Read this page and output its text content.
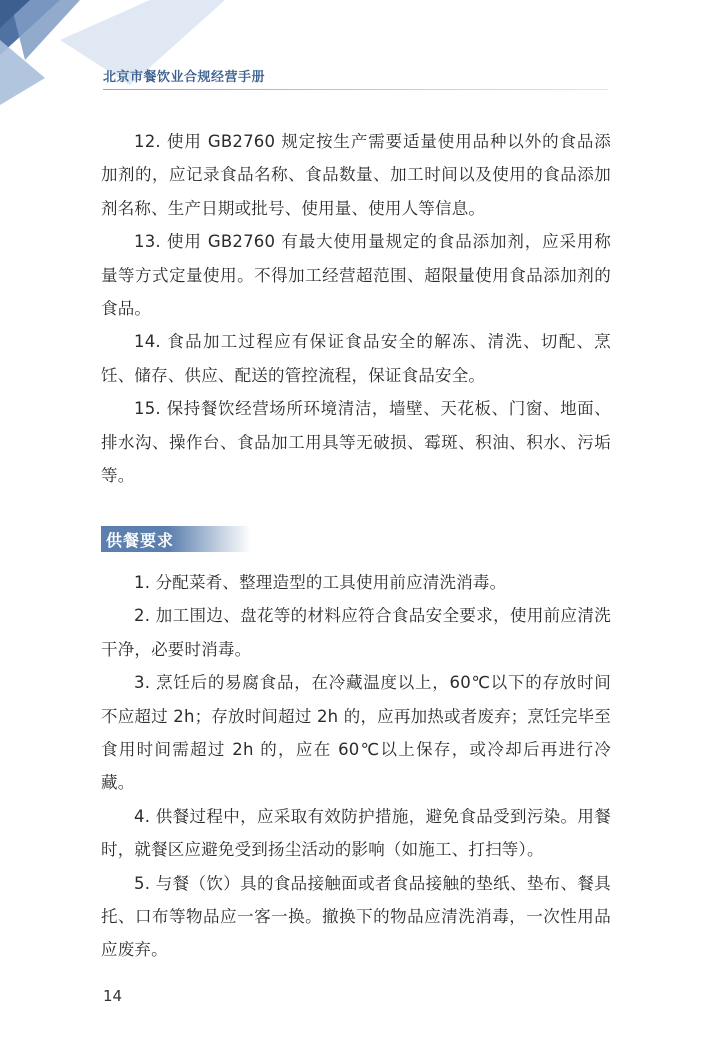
北京市餐饮业合规经营手册

12. 使用 GB2760 规定按生产需要适量使用品种以外的食品添加剂的，应记录食品名称、食品数量、加工时间以及使用的食品添加剂名称、生产日期或批号、使用量、使用人等信息。

13. 使用 GB2760 有最大使用量规定的食品添加剂，应采用称量等方式定量使用。不得加工经营超范围、超限量使用食品添加剂的食品。

14. 食品加工过程应有保证食品安全的解冻、清洗、切配、烹饪、储存、供应、配送的管控流程，保证食品安全。

15. 保持餐饮经营场所环境清洁，墙壁、天花板、门窗、地面、排水沟、操作台、食品加工用具等无破损、霉斑、积油、积水、污垢等。

供餐要求

1. 分配菜肴、整理造型的工具使用前应清洗消毒。

2. 加工围边、盘花等的材料应符合食品安全要求，使用前应清洗干净，必要时消毒。

3. 烹饪后的易腐食品，在冷藏温度以上，60℃以下的存放时间不应超过 2h；存放时间超过 2h 的，应再加热或者废弃；烹饪完毕至食用时间需超过 2h 的，应在 60℃以上保存，或冷却后再进行冷藏。

4. 供餐过程中，应采取有效防护措施，避免食品受到污染。用餐时，就餐区应避免受到扬尘活动的影响（如施工、打扫等）。

5. 与餐（饮）具的食品接触面或者食品接触的垫纸、垫布、餐具托、口布等物品应一客一换。撤换下的物品应清洗消毒，一次性用品应废弃。

14
